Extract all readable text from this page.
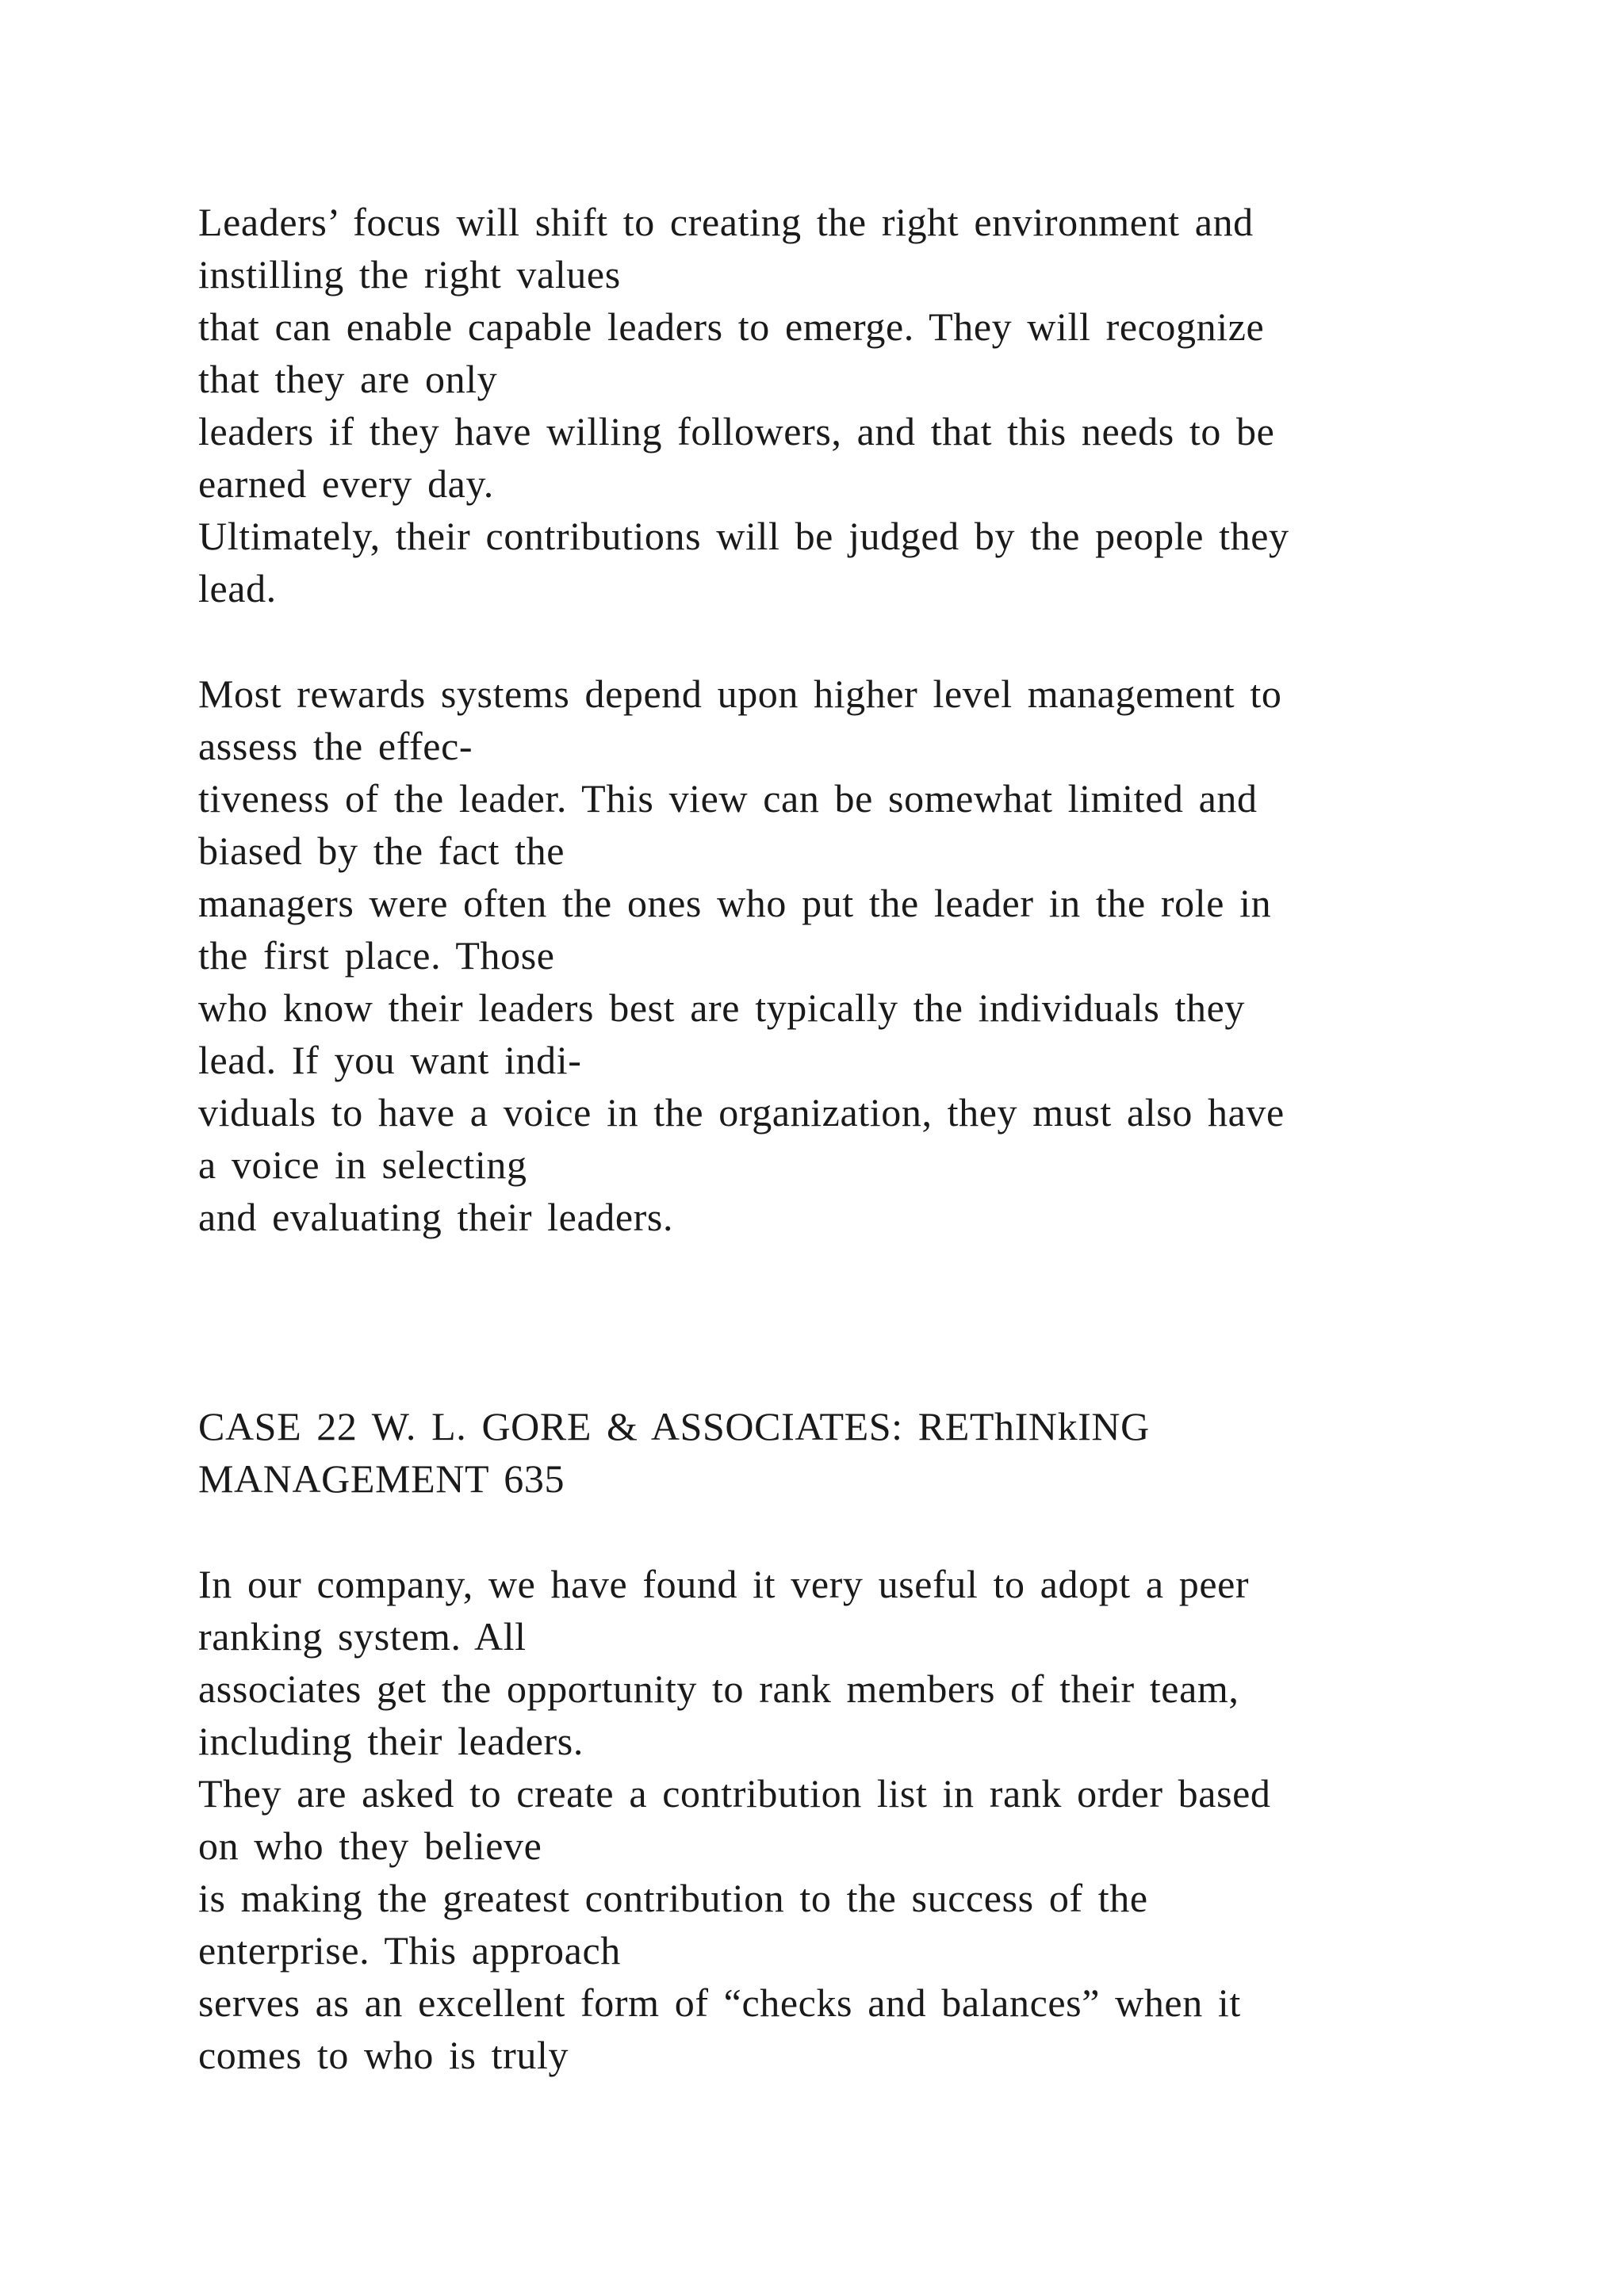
Leaders’ focus will shift to creating the right environment and
instilling the right values
that can enable capable leaders to emerge. They will recognize
that they are only
leaders if they have willing followers, and that this needs to be
earned every day.
Ultimately, their contributions will be judged by the people they
lead.
Most rewards systems depend upon higher level management to
assess the effec-
tiveness of the leader. This view can be somewhat limited and
biased by the fact the
managers were often the ones who put the leader in the role in
the first place. Those
who know their leaders best are typically the individuals they
lead. If you want indi-
viduals to have a voice in the organization, they must also have
a voice in selecting
and evaluating their leaders.
CASE 22 W. L. GORE & ASSOCIATES: REThINkING
MANAGEMENT 635
In our company, we have found it very useful to adopt a peer
ranking system. All
associates get the opportunity to rank members of their team,
including their leaders.
They are asked to create a contribution list in rank order based
on who they believe
is making the greatest contribution to the success of the
enterprise. This approach
serves as an excellent form of “checks and balances” when it
comes to who is truly
